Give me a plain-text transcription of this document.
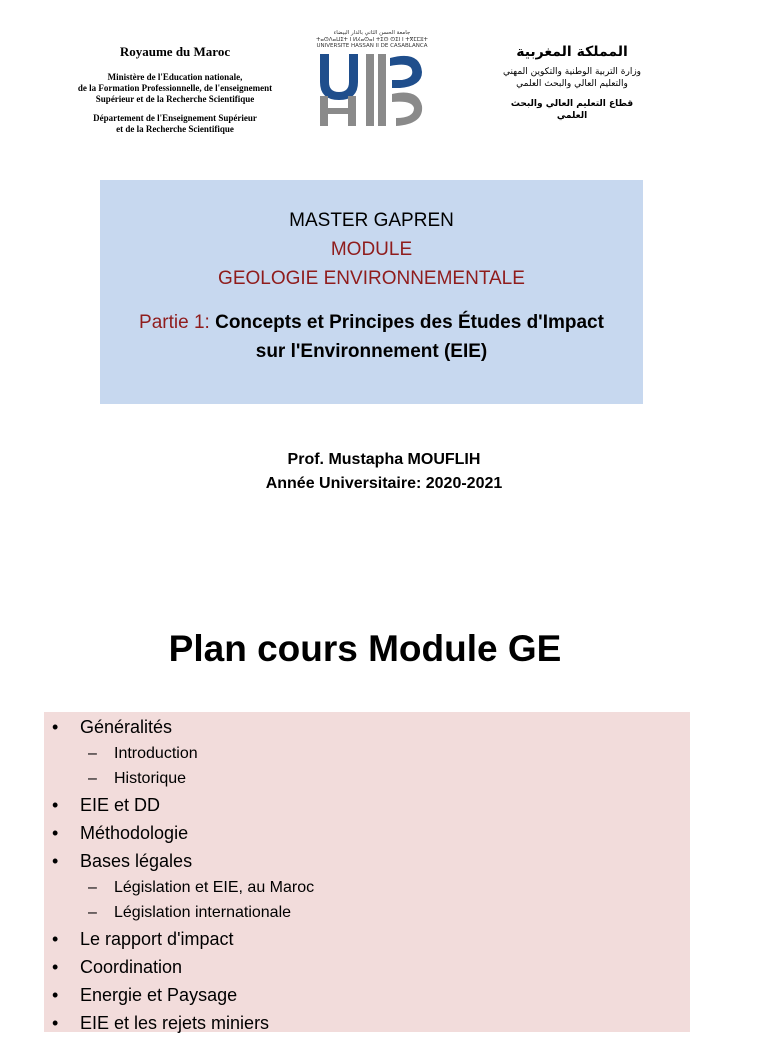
Royaume du Maroc
Ministère de l'Education nationale,
de la Formation Professionnelle, de l'enseignement
Supérieur et de la Recherche Scientifique
Département de l'Enseignement Supérieur
et de la Recherche Scientifique
جامعة الحسن الثاني بالدار البيضاء
ⵜⴰⵙⴷⴰⵡⵉⵜ ⵏ ⵍⵃⴰⵙⴰⵏ ⵜⵉⵙ ⵙⵉⵏ ⵏ ⵜⴳⵎⵎⵓⵜ
UNIVERSITÉ HASSAN II DE CASABLANCA	المملكة المغربية
وزارة التربية الوطنية والتكوين المهني
والتعليم العالي والبحث العلمي
قطاع التعليم العالي والبحث العلمي
MASTER GAPREN
MODULE
GEOLOGIE ENVIRONNEMENTALE
Partie 1: Concepts et Principes des Études d'Impact
sur l'Environnement (EIE)
Prof. Mustapha MOUFLIH
Année Universitaire: 2020-2021
Plan cours Module GE
• Généralités
– Introduction
– Historique
• EIE et DD
• Méthodologie
• Bases légales
– Législation et EIE, au Maroc
– Législation internationale
• Le rapport d'impact
• Coordination
• Energie et Paysage
• EIE et les rejets miniers
